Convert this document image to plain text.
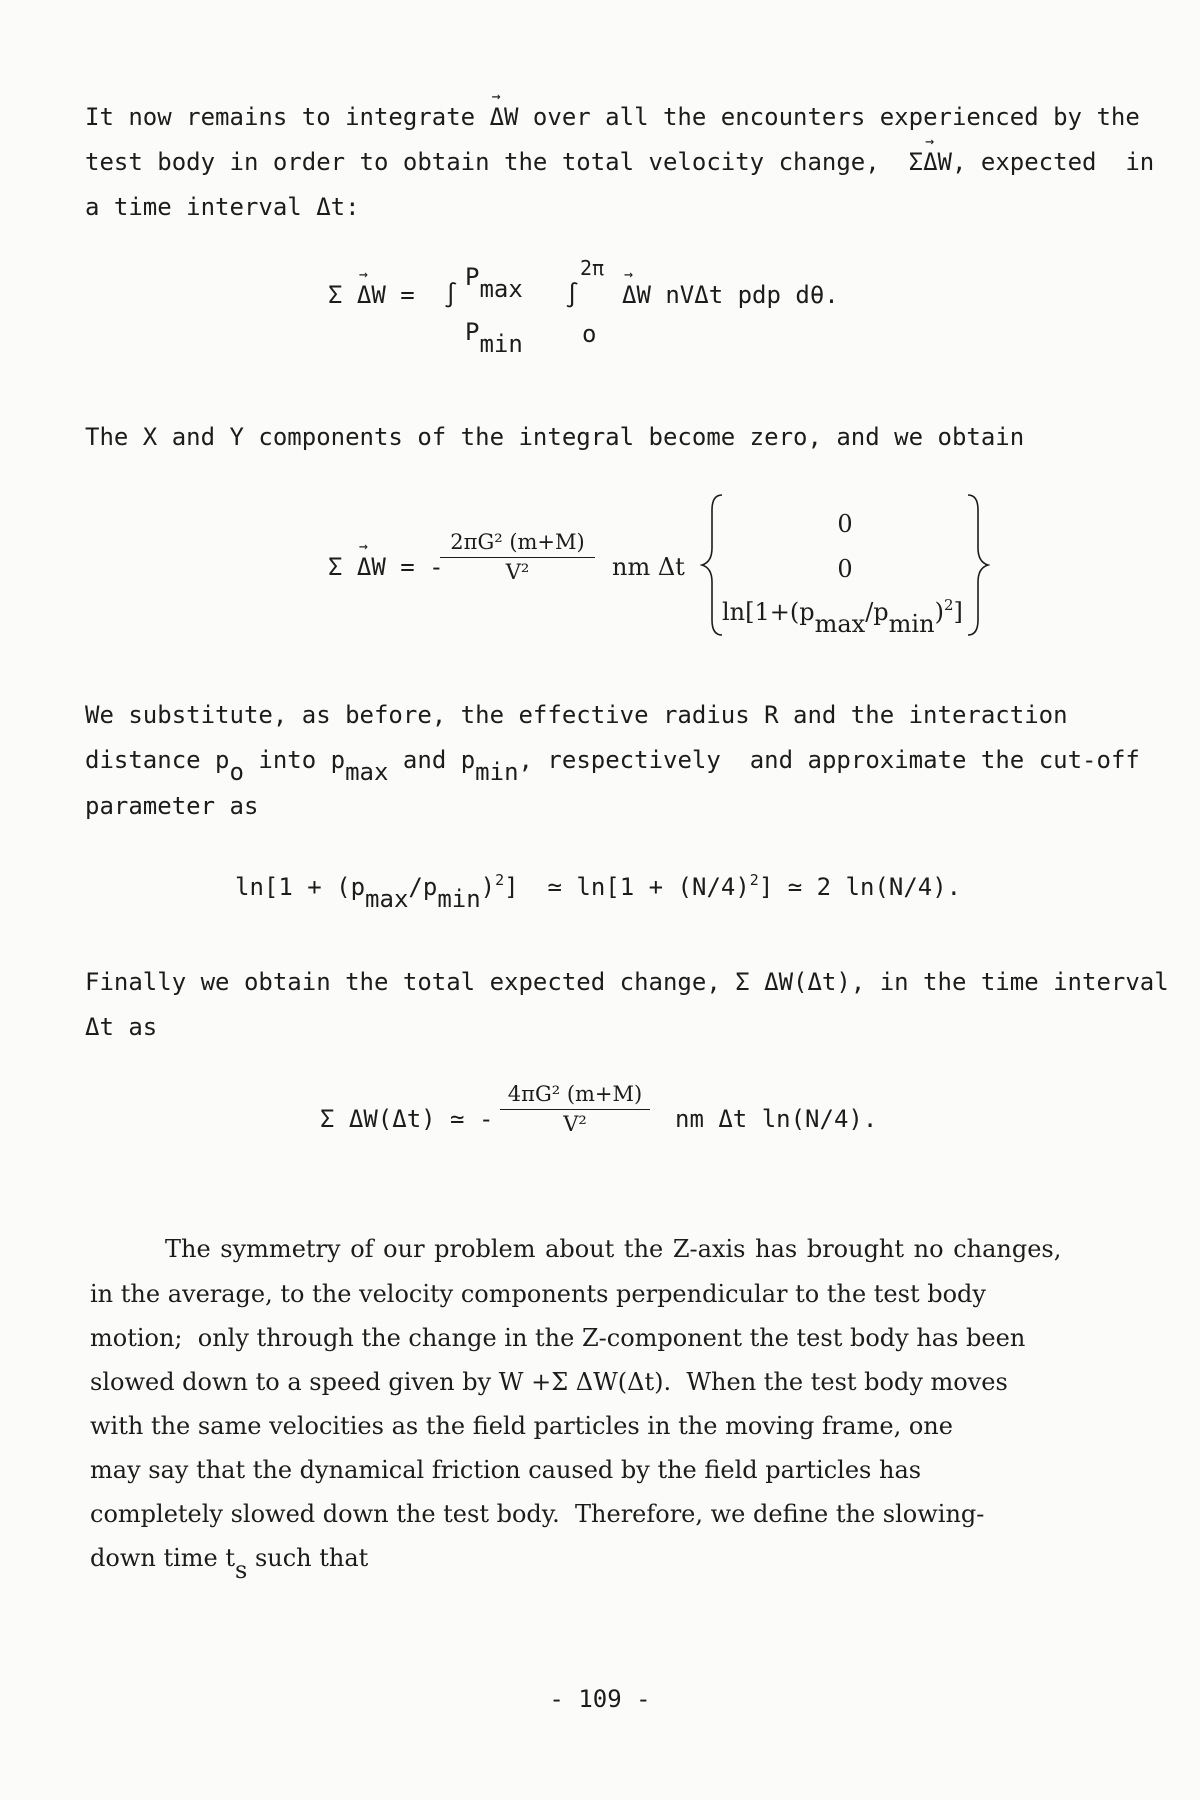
It now remains to integrate → ΔW over all the encounters experienced by the
test body in order to obtain the total velocity change,  Σ→ ΔW, expected  in
a time interval Δt:
Σ → ΔW =  ∫
Pmax
Pmin
∫
2π
o
→ ΔW nVΔt pdp dθ.
The X and Y components of the integral become zero, and we obtain
Σ → ΔW = -
$\frac{\text{2πG² (m+M)}}{\text{V²}}$ nm Δt
0
0
$\ln[1+(pmax/pmin)^2]$
We substitute, as before, the effective radius R and the interaction
distance po into pmax and pmin, respectively  and approximate the cut-off
parameter as
$\ln[1 + (pmax/pmin)^2]$  ≃ $\ln[1 + (N/4)^2]$ ≃ 2 ln(N/4).
Finally we obtain the total expected change, Σ ΔW(Δt), in the time interval
Δt as
Σ ΔW(Δt) ≃ - $\frac{\text{4πG² (m+M)}}{\text{V²}}$ nm Δt ln(N/4).
The symmetry of our problem about the Z-axis has brought no changes,
in the average, to the velocity components perpendicular to the test body
motion;  only through the change in the Z-component the test body has been
slowed down to a speed given by W +Σ ΔW(Δt).  When the test body moves
with the same velocities as the field particles in the moving frame, one
may say that the dynamical friction caused by the field particles has
completely slowed down the test body.  Therefore, we define the slowing-
down time ts such that
- 109 -
